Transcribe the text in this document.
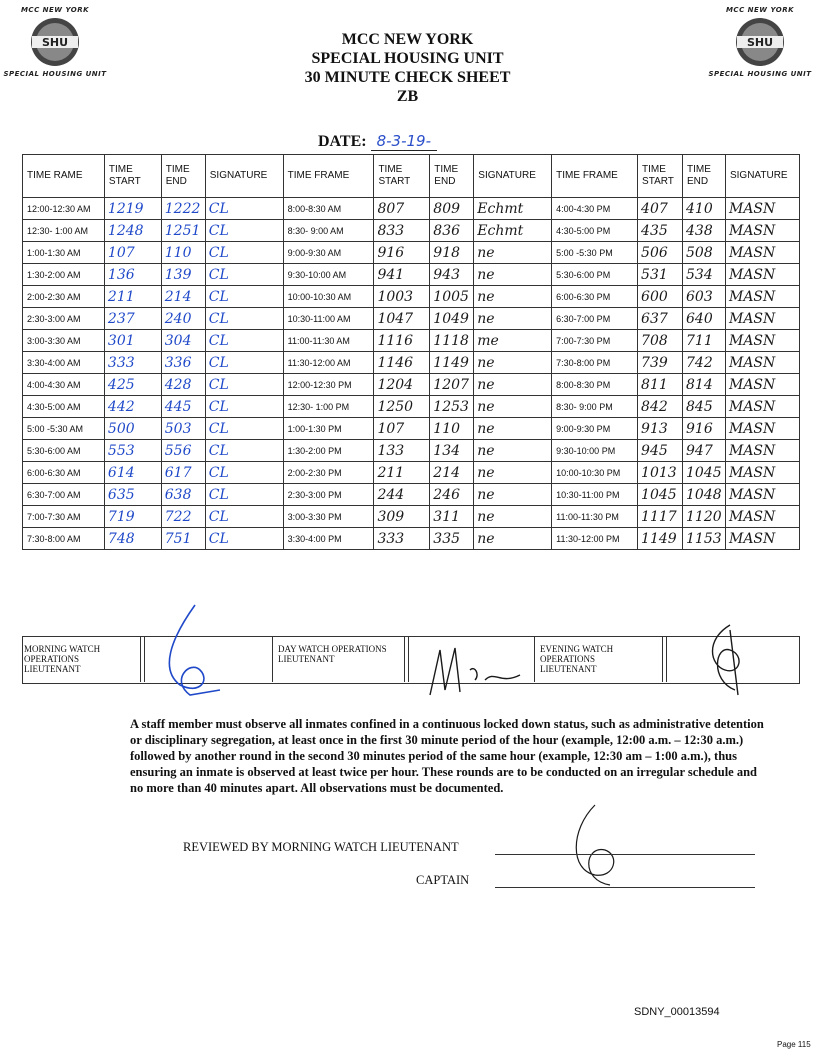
MCC NEW YORK
SHU
SPECIAL HOUSING UNIT
MCC NEW YORK
SHU
SPECIAL HOUSING UNIT
MCC NEW YORK
SPECIAL HOUSING UNIT
30 MINUTE CHECK SHEET
ZB
DATE: 8-3-19-
TIME RAME	TIME START	TIME END	SIGNATURE	TIME FRAME	TIME START	TIME END	SIGNATURE	TIME FRAME	TIME START	TIME END	SIGNATURE
12:00-12:30 AM	1219	1222	CL	8:00-8:30 AM	807	809	Echmt	4:00-4:30 PM	407	410	MASN
12:30- 1:00 AM	1248	1251	CL	8:30- 9:00 AM	833	836	Echmt	4:30-5:00 PM	435	438	MASN
1:00-1:30 AM	107	110	CL	9:00-9:30 AM	916	918	ne	5:00 -5:30 PM	506	508	MASN
1:30-2:00 AM	136	139	CL	9:30-10:00 AM	941	943	ne	5:30-6:00 PM	531	534	MASN
2:00-2:30 AM	211	214	CL	10:00-10:30 AM	1003	1005	ne	6:00-6:30 PM	600	603	MASN
2:30-3:00 AM	237	240	CL	10:30-11:00 AM	1047	1049	ne	6:30-7:00 PM	637	640	MASN
3:00-3:30 AM	301	304	CL	11:00-11:30 AM	1116	1118	me	7:00-7:30 PM	708	711	MASN
3:30-4:00 AM	333	336	CL	11:30-12:00 AM	1146	1149	ne	7:30-8:00 PM	739	742	MASN
4:00-4:30 AM	425	428	CL	12:00-12:30 PM	1204	1207	ne	8:00-8:30 PM	811	814	MASN
4:30-5:00 AM	442	445	CL	12:30- 1:00 PM	1250	1253	ne	8:30- 9:00 PM	842	845	MASN
5:00 -5:30 AM	500	503	CL	1:00-1:30 PM	107	110	ne	9:00-9:30 PM	913	916	MASN
5:30-6:00 AM	553	556	CL	1:30-2:00 PM	133	134	ne	9:30-10:00 PM	945	947	MASN
6:00-6:30 AM	614	617	CL	2:00-2:30 PM	211	214	ne	10:00-10:30 PM	1013	1045	MASN
6:30-7:00 AM	635	638	CL	2:30-3:00 PM	244	246	ne	10:30-11:00 PM	1045	1048	MASN
7:00-7:30 AM	719	722	CL	3:00-3:30 PM	309	311	ne	11:00-11:30 PM	1117	1120	MASN
7:30-8:00 AM	748	751	CL	3:30-4:00 PM	333	335	ne	11:30-12:00 PM	1149	1153	MASN
MORNING WATCH OPERATIONS LIEUTENANT
DAY WATCH OPERATIONS LIEUTENANT
EVENING WATCH OPERATIONS LIEUTENANT
A staff member must observe all inmates confined in a continuous locked down status, such as administrative detention or disciplinary segregation, at least once in the first 30 minute period of the hour (example, 12:00 a.m. – 12:30 a.m.) followed by another round in the second 30 minutes period of the same hour (example, 12:30 am – 1:00 a.m.), thus ensuring an inmate is observed at least twice per hour. These rounds are to be conducted on an irregular schedule and no more than 40 minutes apart. All observations must be documented.
REVIEWED BY MORNING WATCH LIEUTENANT
CAPTAIN
SDNY_00013594
Page 115
